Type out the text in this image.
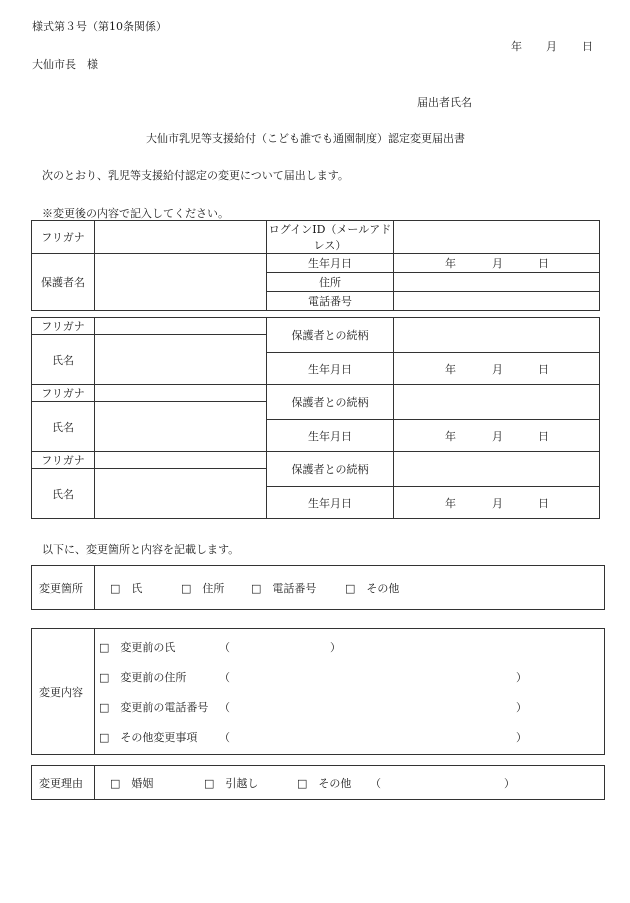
様式第３号（第10条関係）
年 月 日
大仙市長　様
届出者氏名
大仙市乳児等支援給付（こども誰でも通園制度）認定変更届出書
次のとおり、乳児等支援給付認定の変更について届出します。
※変更後の内容で記入してください。
フリガナ		ログインID（メールアドレス）	
保護者名		生年月日	年 月 日

		住所	
		電話番号	
フリガナ		保護者との続柄	
氏名			
		生年月日	年 月 日

フリガナ		保護者との続柄	
氏名			
		生年月日	年 月 日

フリガナ		保護者との続柄	
氏名			
		生年月日	年 月 日
以下に、変更箇所と内容を記載します。
変更箇所 □　氏	□　住所 □　電話番号	□　その他
変更内容
□　変更前の氏	（	）
□　変更前の住所	（	）
□　変更前の電話番号 （	）
□　その他変更事項 （	）
変更理由 □　婚姻	□　引越し	□　その他 （	）
